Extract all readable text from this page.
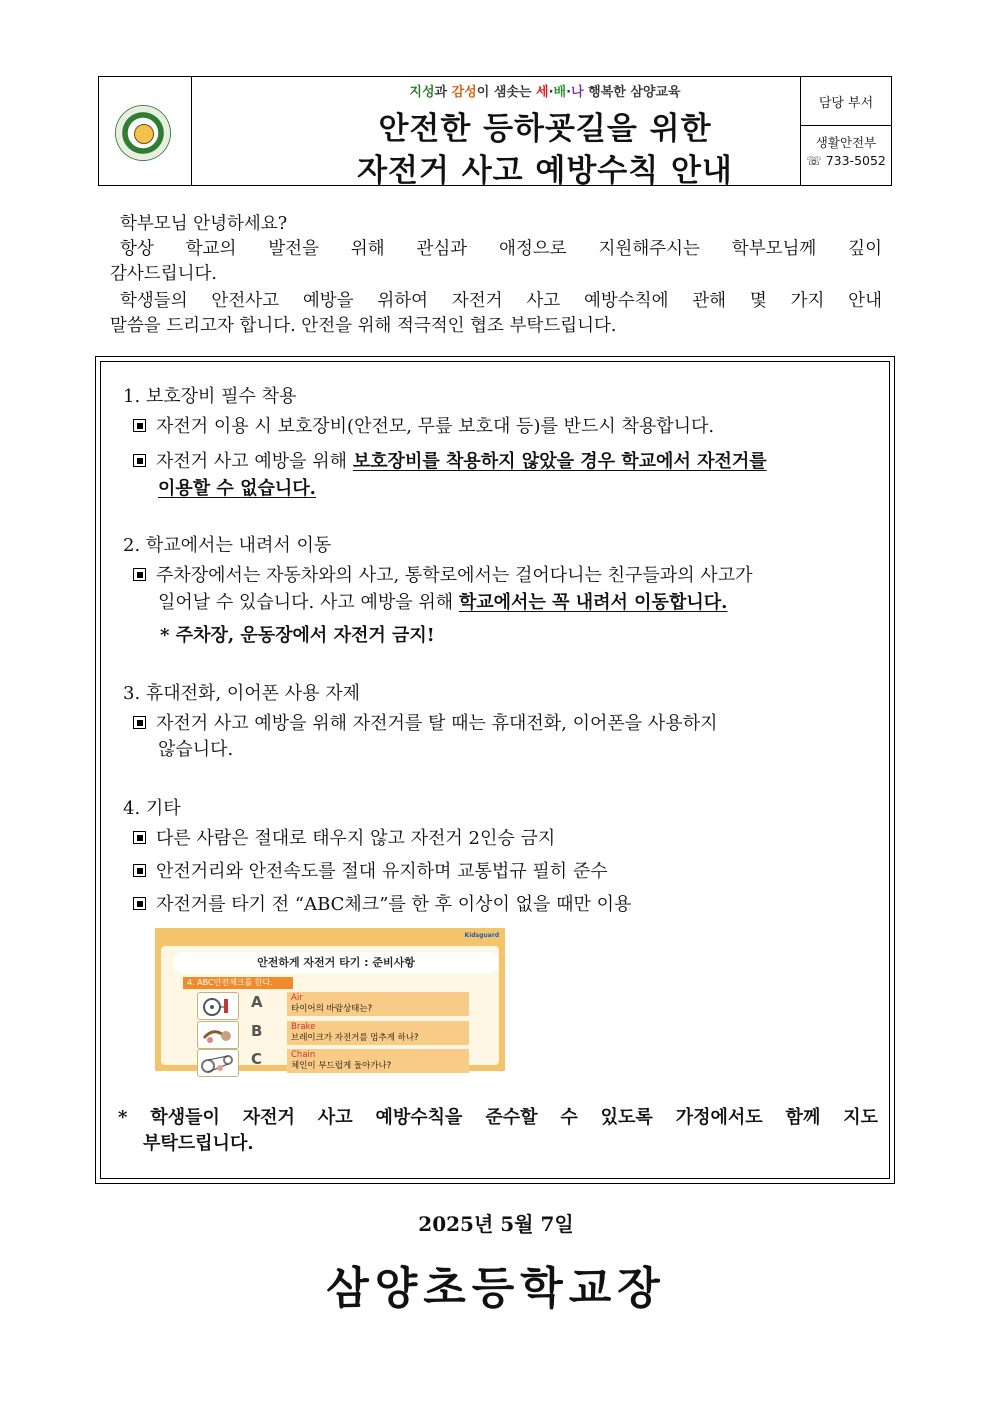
지성과 감성이 샘솟는 세·배·나 행복한 삼양교육
안전한 등하굣길을 위한
자전거 사고 예방수칙 안내
담당 부서
생활안전부
☏ 733-5052
학부모님 안녕하세요?
항상 학교의 발전을 위해 관심과 애정으로 지원해주시는 학부모님께 깊이
감사드립니다.
학생들의 안전사고 예방을 위하여 자전거 사고 예방수칙에 관해 몇 가지 안내
말씀을 드리고자 합니다. 안전을 위해 적극적인 협조 부탁드립니다.
1. 보호장비 필수 착용
자전거 이용 시 보호장비(안전모, 무릎 보호대 등)를 반드시 착용합니다.
자전거 사고 예방을 위해 보호장비를 착용하지 않았을 경우 학교에서 자전거를
이용할 수 없습니다.
2. 학교에서는 내려서 이동
주차장에서는 자동차와의 사고, 통학로에서는 걸어다니는 친구들과의 사고가
일어날 수 있습니다. 사고 예방을 위해 학교에서는 꼭 내려서 이동합니다.
* 주차장, 운동장에서 자전거 금지!
3. 휴대전화, 이어폰 사용 자제
자전거 사고 예방을 위해 자전거를 탈 때는 휴대전화, 이어폰을 사용하지
않습니다.
4. 기타
다른 사람은 절대로 태우지 않고 자전거 2인승 금지
안전거리와 안전속도를 절대 유지하며 교통법규 필히 준수
자전거를 타기 전 “ABC체크”를 한 후 이상이 없을 때만 이용
Kidsguard
안전하게 자전거 타기 : 준비사항
4. ABC안전체크를 한다.
A	Air
타이어의 바람상태는?
B	Brake
브레이크가 자전거를 멈추게 하나?
C	Chain
체인이 부드럽게 돌아가나?
* 학생들이 자전거 사고 예방수칙을 준수할 수 있도록 가정에서도 함께 지도
부탁드립니다.
2025년 5월 7일
삼양초등학교장
